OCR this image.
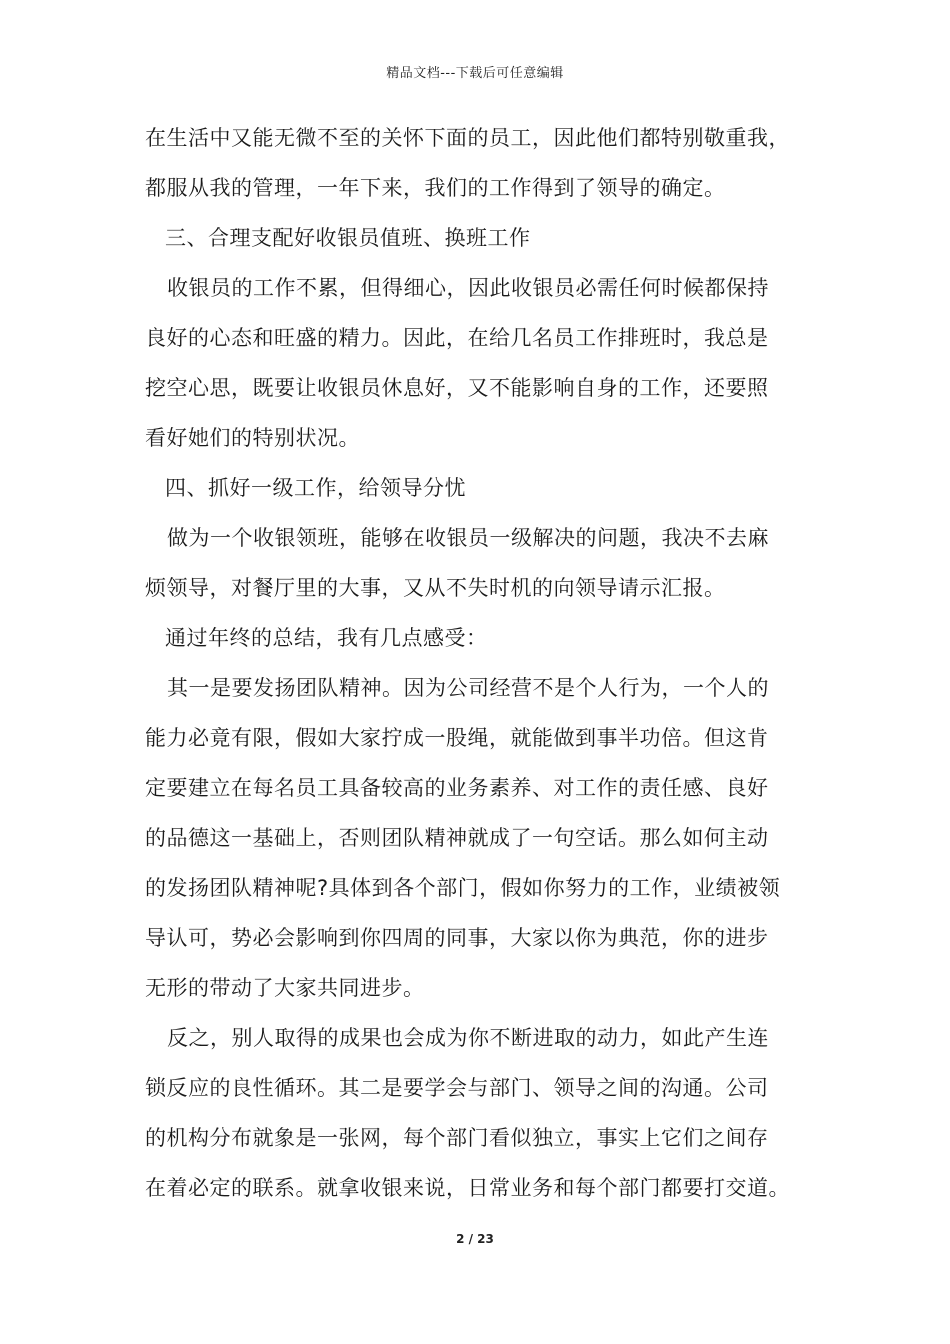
精品文档---下载后可任意编辑
在生活中又能无微不至的关怀下面的员工，因此他们都特别敬重我，
都服从我的管理，一年下来，我们的工作得到了领导的确定。
三、合理支配好收银员值班、换班工作
收银员的工作不累，但得细心，因此收银员必需任何时候都保持
良好的心态和旺盛的精力。因此，在给几名员工作排班时，我总是
挖空心思，既要让收银员休息好，又不能影响自身的工作，还要照
看好她们的特别状况。
四、抓好一级工作，给领导分忧
做为一个收银领班，能够在收银员一级解决的问题，我决不去麻
烦领导，对餐厅里的大事，又从不失时机的向领导请示汇报。
通过年终的总结，我有几点感受：
其一是要发扬团队精神。因为公司经营不是个人行为，一个人的
能力必竟有限，假如大家拧成一股绳，就能做到事半功倍。但这肯
定要建立在每名员工具备较高的业务素养、对工作的责任感、良好
的品德这一基础上，否则团队精神就成了一句空话。那么如何主动
的发扬团队精神呢?具体到各个部门，假如你努力的工作，业绩被领
导认可，势必会影响到你四周的同事，大家以你为典范，你的进步
无形的带动了大家共同进步。
反之，别人取得的成果也会成为你不断进取的动力，如此产生连
锁反应的良性循环。其二是要学会与部门、领导之间的沟通。公司
的机构分布就象是一张网，每个部门看似独立，事实上它们之间存
在着必定的联系。就拿收银来说，日常业务和每个部门都要打交道。
2 / 23
